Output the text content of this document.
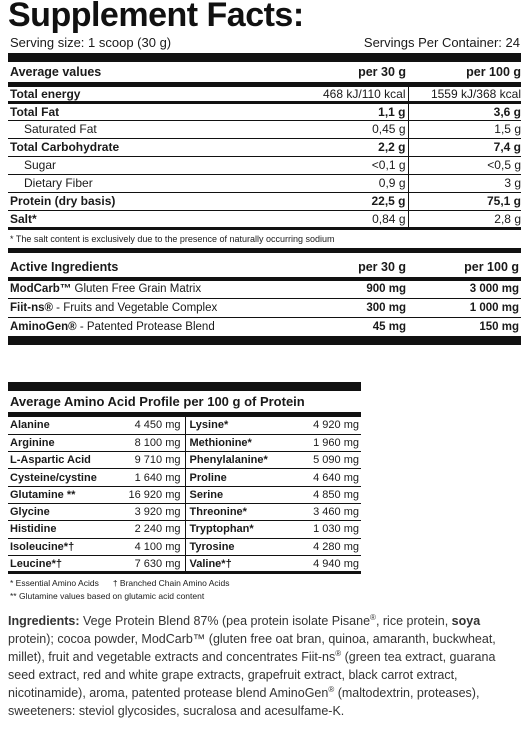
Supplement Facts:
Serving size: 1 scoop (30 g)	Servings Per Container: 24
Average values	per 30 g	per 100 g
Total energy	468 kJ/110 kcal	1559 kJ/368 kcal
Total Fat	1,1 g	3,6 g
Saturated Fat	0,45 g	1,5 g
Total Carbohydrate	2,2 g	7,4 g
Sugar	<0,1 g	<0,5 g
Dietary Fiber	0,9 g	3 g
Protein (dry basis)	22,5 g	75,1 g
Salt*	0,84 g	2,8 g
* The salt content is exclusively due to the presence of naturally occurring sodium
Active Ingredients	per 30 g	per 100 g
ModCarb™ Gluten Free Grain Matrix	900 mg	3 000 mg
Fiit-ns® - Fruits and Vegetable Complex	300 mg	1 000 mg
AminoGen® - Patented Protease Blend	45 mg	150 mg
Average Amino Acid Profile per 100 g of Protein
Alanine	4 450 mg	Lysine*	4 920 mg
Arginine	8 100 mg	Methionine*	1 960 mg
L-Aspartic Acid	9 710 mg	Phenylalanine*	5 090 mg
Cysteine/cystine	1 640 mg	Proline	4 640 mg
Glutamine **	16 920 mg	Serine	4 850 mg
Glycine	3 920 mg	Threonine*	3 460 mg
Histidine	2 240 mg	Tryptophan*	1 030 mg
Isoleucine*†	4 100 mg	Tyrosine	4 280 mg
Leucine*†	7 630 mg	Valine*†	4 940 mg
* Essential Amino Acids † Branched Chain Amino Acids
** Glutamine values based on glutamic acid content
Ingredients: Vege Protein Blend 87% (pea protein isolate Pisane®, rice protein, soya protein); cocoa powder, ModCarb™ (gluten free oat bran, quinoa, amaranth, buckwheat, millet), fruit and vegetable extracts and concentrates Fiit-ns® (green tea extract, guarana seed extract, red and white grape extracts, grapefruit extract, black carrot extract, nicotinamide), aroma, patented protease blend AminoGen® (maltodextrin, proteases), sweeteners: steviol glycosides, sucralosa and acesulfame-K.
